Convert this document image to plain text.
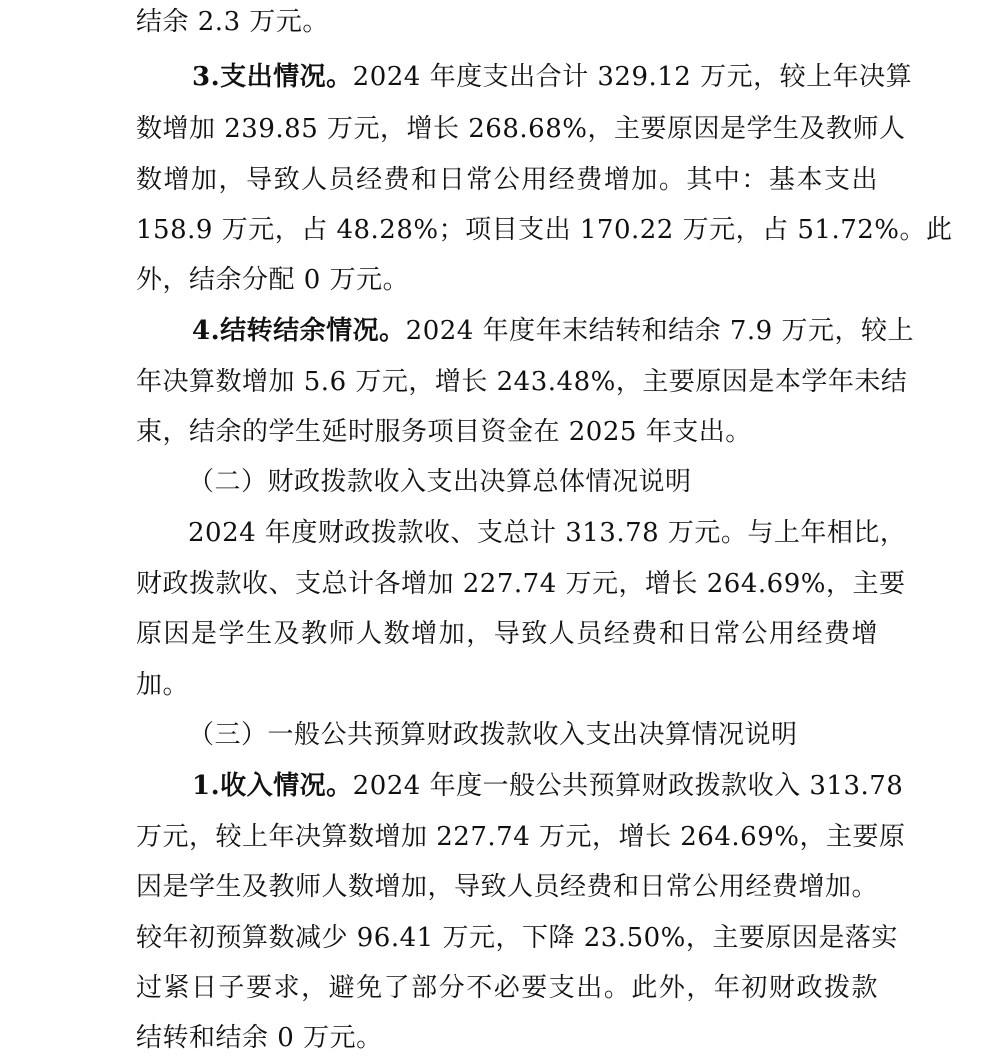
结余 2.3 万元。
3.支出情况。2024 年度支出合计 329.12 万元，较上年决算
数增加 239.85 万元，增长 268.68%，主要原因是学生及教师人
数增加，导致人员经费和日常公用经费增加。其中：基本支出
158.9 万元，占 48.28%；项目支出 170.22 万元，占 51.72%。此
外，结余分配 0 万元。
4.结转结余情况。2024 年度年末结转和结余 7.9 万元，较上
年决算数增加 5.6 万元，增长 243.48%，主要原因是本学年未结
束，结余的学生延时服务项目资金在 2025 年支出。
（二）财政拨款收入支出决算总体情况说明
2024 年度财政拨款收、支总计 313.78 万元。与上年相比，
财政拨款收、支总计各增加 227.74 万元，增长 264.69%，主要
原因是学生及教师人数增加，导致人员经费和日常公用经费增
加。
（三）一般公共预算财政拨款收入支出决算情况说明
1.收入情况。2024 年度一般公共预算财政拨款收入 313.78
万元，较上年决算数增加 227.74 万元，增长 264.69%，主要原
因是学生及教师人数增加，导致人员经费和日常公用经费增加。
较年初预算数减少 96.41 万元，下降 23.50%，主要原因是落实
过紧日子要求，避免了部分不必要支出。此外，年初财政拨款
结转和结余 0 万元。
